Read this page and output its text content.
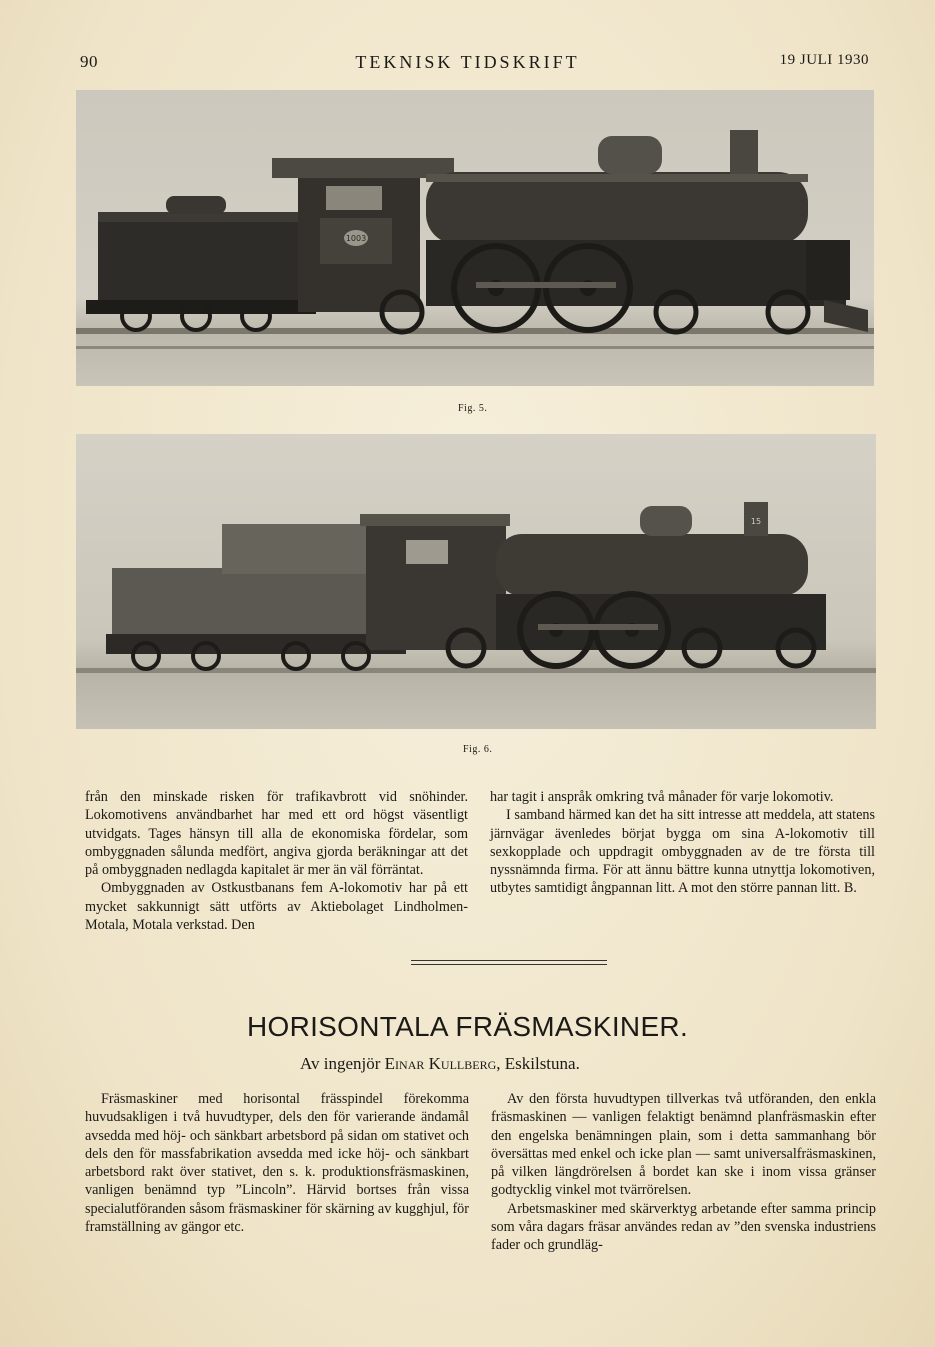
90	TEKNISK TIDSKRIFT	19 JULI 1930
1003
Fig. 5.
15
Fig. 6.

från den minskade risken för trafikavbrott vid snöhinder. Lokomotivens användbarhet har med ett ord högst väsentligt utvidgats. Tages hänsyn till alla de ekonomiska fördelar, som ombyggnaden sålunda medfört, angiva gjorda beräkningar att det på ombyggnaden nedlagda kapitalet är mer än väl förräntat.

Ombyggnaden av Ostkustbanans fem A-lokomotiv har på ett mycket sakkunnigt sätt utförts av Aktiebolaget Lindholmen-Motala, Motala verkstad. Den

har tagit i anspråk omkring två månader för varje lokomotiv.

I samband härmed kan det ha sitt intresse att meddela, att statens järnvägar ävenledes börjat bygga om sina A-lokomotiv till sexkopplade och uppdragit ombyggnaden av de tre första till nyssnämnda firma. För att ännu bättre kunna utnyttja lokomotiven, utbytes samtidigt ångpannan litt. A mot den större pannan litt. B.

HORISONTALA FRÄSMASKINER.
Av ingenjör Einar Kullberg, Eskilstuna.

Fräsmaskiner med horisontal frässpindel förekomma huvudsakligen i två huvudtyper, dels den för varierande ändamål avsedda med höj- och sänkbart arbetsbord på sidan om stativet och dels den för massfabrikation avsedda med icke höj- och sänkbart arbetsbord rakt över stativet, den s. k. produktionsfräsmaskinen, vanligen benämnd typ ”Lincoln”. Härvid bortses från vissa specialutföranden såsom fräsmaskiner för skärning av kugghjul, för framställning av gängor etc.

Av den första huvudtypen tillverkas två utföranden, den enkla fräsmaskinen — vanligen felaktigt benämnd planfräsmaskin efter den engelska benämningen plain, som i detta sammanhang bör översättas med enkel och icke plan — samt universalfräsmaskinen, på vilken längdrörelsen å bordet kan ske i inom vissa gränser godtycklig vinkel mot tvärrörelsen.

Arbetsmaskiner med skärverktyg arbetande efter samma princip som våra dagars fräsar användes redan av ”den svenska industriens fader och grundläg-
